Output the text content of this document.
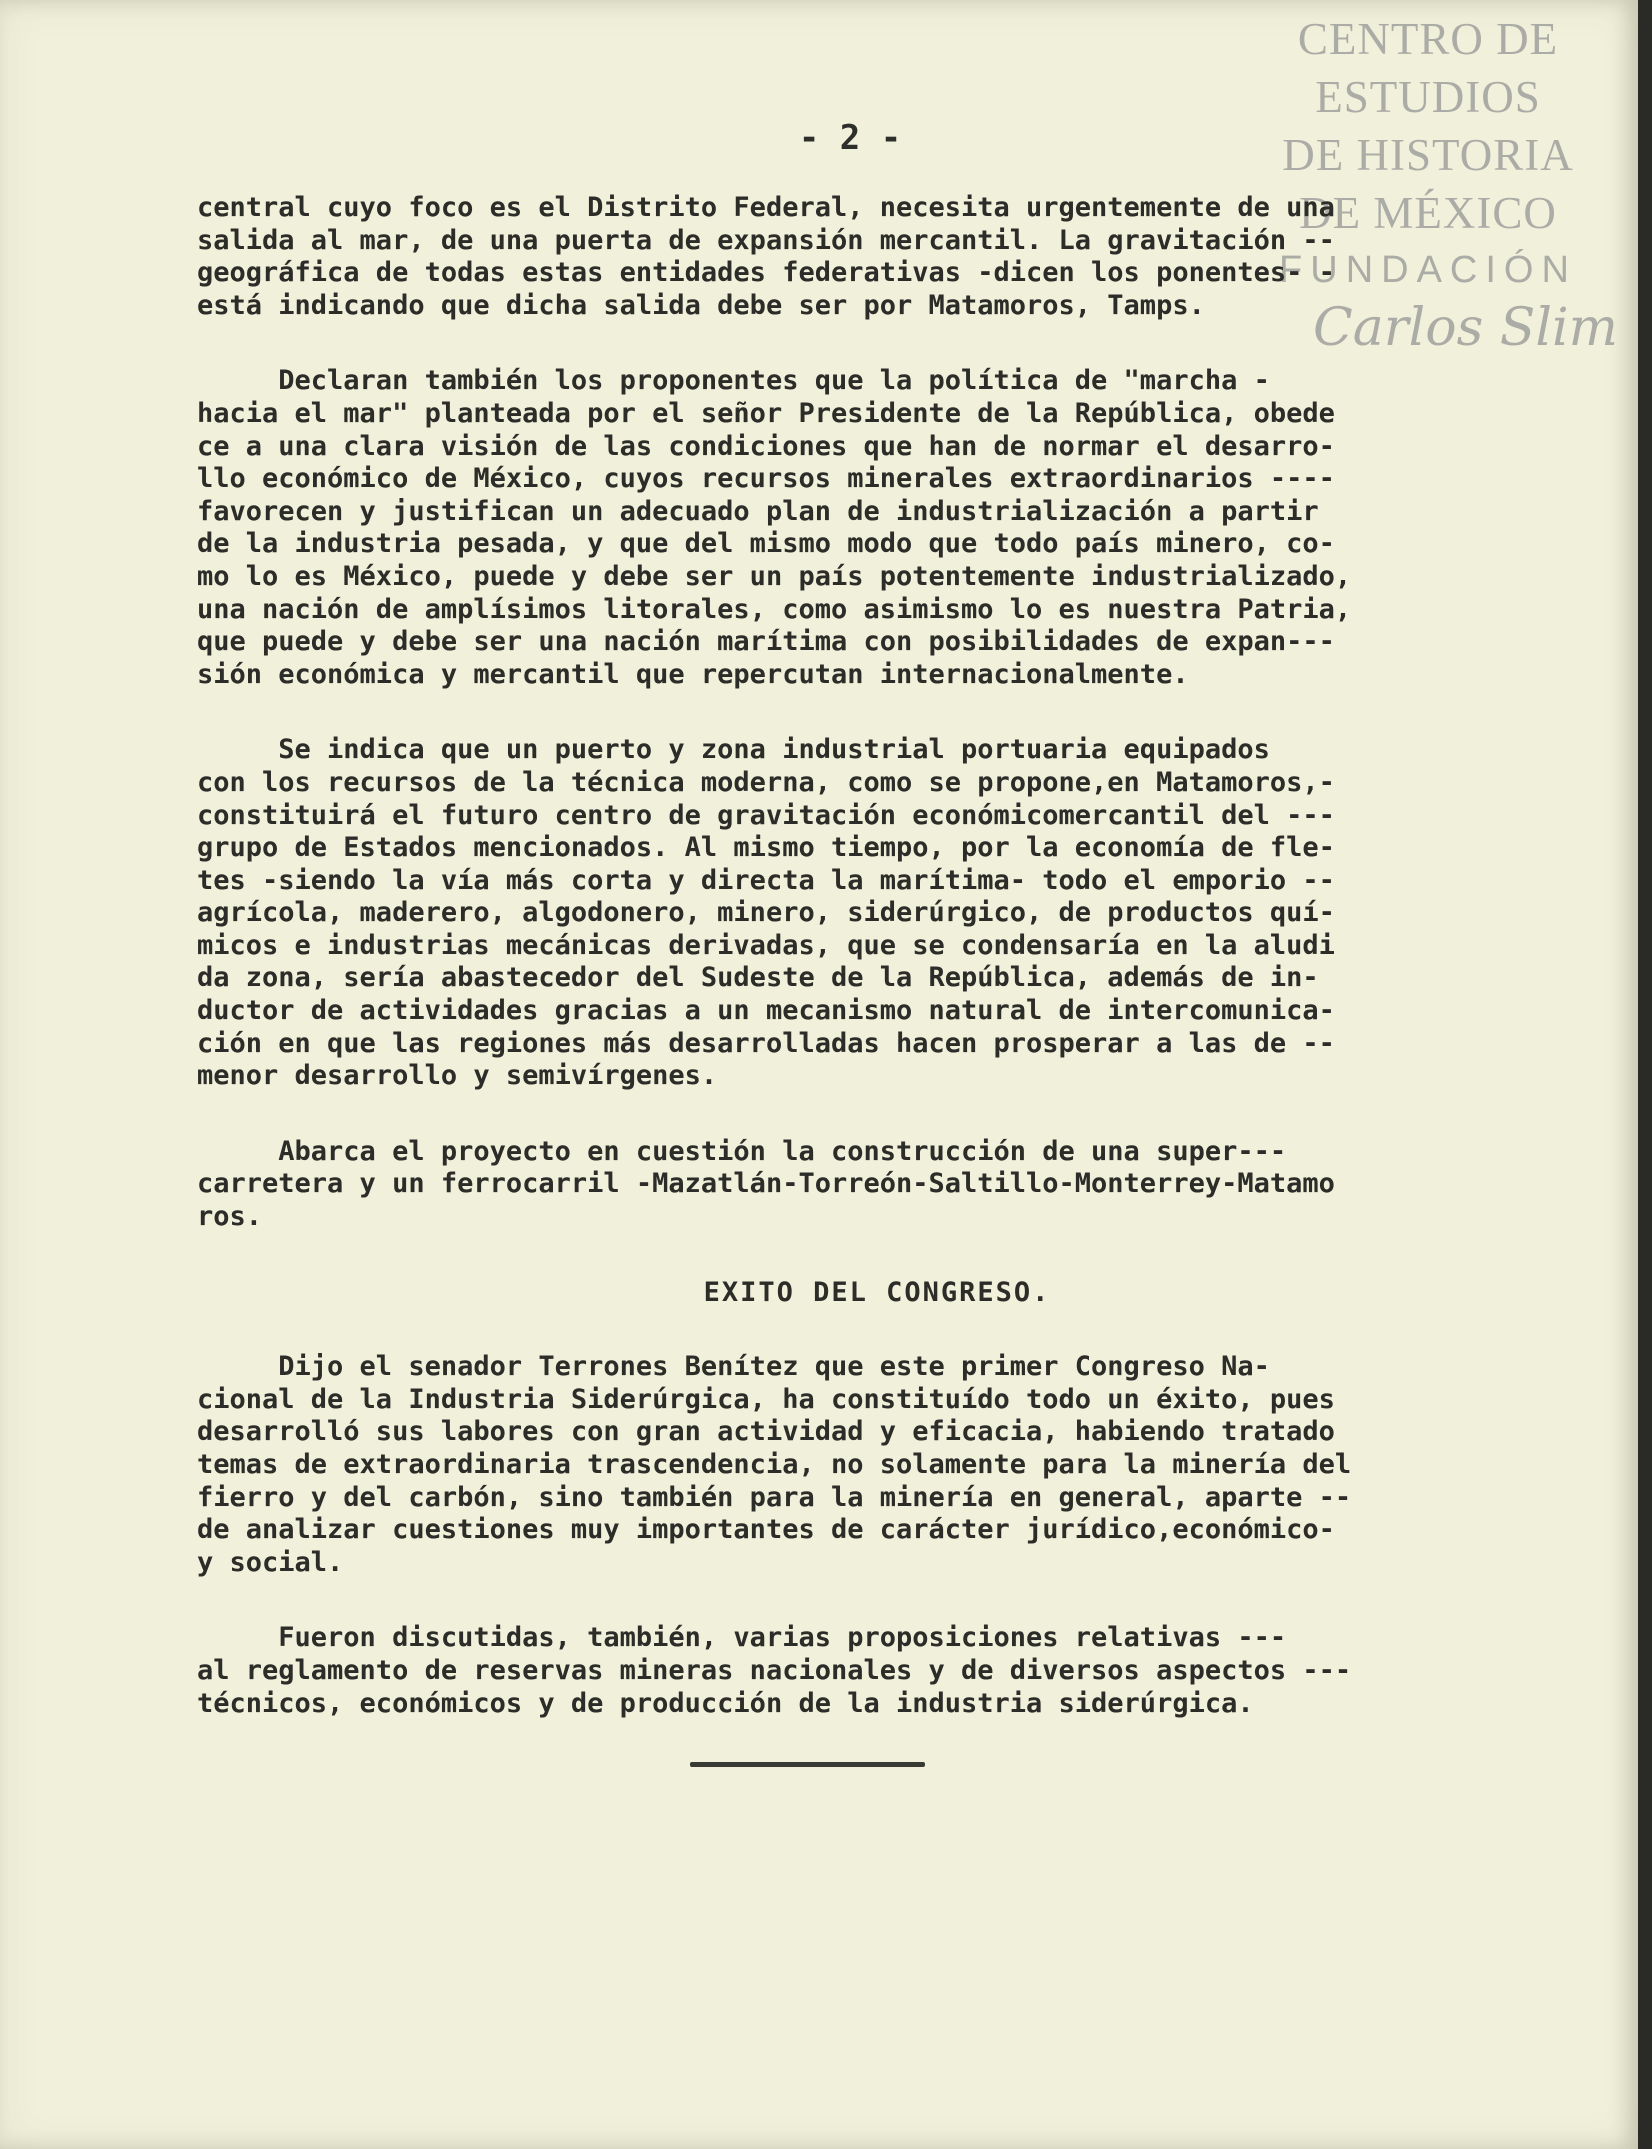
CENTRO DE
ESTUDIOS
DE HISTORIA
DE MÉXICO
FUNDACIÓN
Carlos Slim
- 2 -
central cuyo foco es el Distrito Federal, necesita urgentemente de una
salida al mar, de una puerta de expansión mercantil. La gravitación --
geográfica de todas estas entidades federativas -dicen los ponentes- -
está indicando que dicha salida debe ser por Matamoros, Tamps.
Declaran también los proponentes que la política de "marcha -
hacia el mar" planteada por el señor Presidente de la República, obede
ce a una clara visión de las condiciones que han de normar el desarro-
llo económico de México, cuyos recursos minerales extraordinarios ----
favorecen y justifican un adecuado plan de industrialización a partir
de la industria pesada, y que del mismo modo que todo país minero, co-
mo lo es México, puede y debe ser un país potentemente industrializado,
una nación de amplísimos litorales, como asimismo lo es nuestra Patria,
que puede y debe ser una nación marítima con posibilidades de expan---
sión económica y mercantil que repercutan internacionalmente.
Se indica que un puerto y zona industrial portuaria equipados
con los recursos de la técnica moderna, como se propone,en Matamoros,-
constituirá el futuro centro de gravitación económicomercantil del ---
grupo de Estados mencionados. Al mismo tiempo, por la economía de fle-
tes -siendo la vía más corta y directa la marítima- todo el emporio --
agrícola, maderero, algodonero, minero, siderúrgico, de productos quí-
micos e industrias mecánicas derivadas, que se condensaría en la aludi
da zona, sería abastecedor del Sudeste de la República, además de in-
ductor de actividades gracias a un mecanismo natural de intercomunica-
ción en que las regiones más desarrolladas hacen prosperar a las de --
menor desarrollo y semivírgenes.
Abarca el proyecto en cuestión la construcción de una super---
carretera y un ferrocarril -Mazatlán-Torreón-Saltillo-Monterrey-Matamo
ros.
EXITO DEL CONGRESO.
Dijo el senador Terrones Benítez que este primer Congreso Na-
cional de la Industria Siderúrgica, ha constituído todo un éxito, pues
desarrolló sus labores con gran actividad y eficacia, habiendo tratado
temas de extraordinaria trascendencia, no solamente para la minería del
fierro y del carbón, sino también para la minería en general, aparte --
de analizar cuestiones muy importantes de carácter jurídico,económico-
y social.
Fueron discutidas, también, varias proposiciones relativas ---
al reglamento de reservas mineras nacionales y de diversos aspectos ---
técnicos, económicos y de producción de la industria siderúrgica.
